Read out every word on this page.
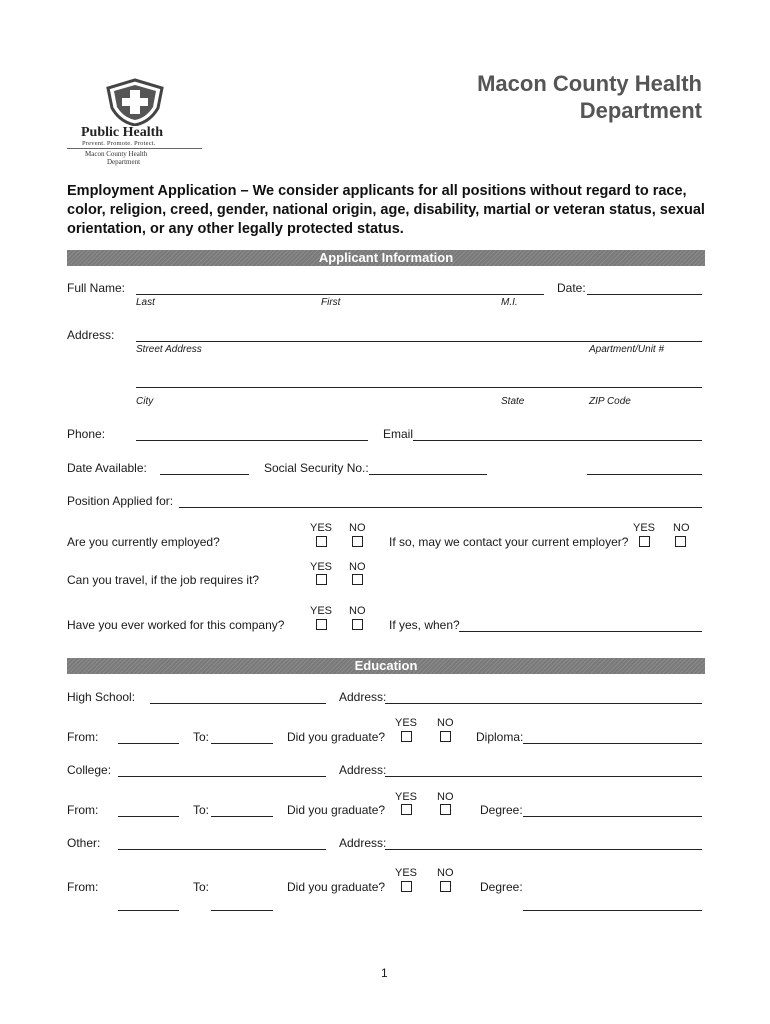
Public Health
Prevent. Promote. Protect.
Macon County Health
Department
Macon County Health
Department
Employment Application – We consider applicants for all positions without regard to race, color, religion, creed, gender, national origin, age, disability, martial or veteran status, sexual orientation, or any other legally protected status.
Applicant Information
Full Name:
Last	First	M.I.
Date:
Address:
Street Address	Apartment/Unit #
City	State	ZIP Code
Phone:	Email
Date Available:	Social Security No.:
Position Applied for:
Are you currently employed?
YES NO
If so, may we contact your current employer?
YES NO
Can you travel, if the job requires it?
YES NO
Have you ever worked for this company?
YES NO
If yes, when?
Education
High School:	Address:
From:	To:	Did you graduate?
YES NO
Diploma:
College:	Address:
From:	To:	Did you graduate?
YES NO
Degree:
Other:	Address:
From:	To:	Did you graduate?
YES NO
Degree:
1
